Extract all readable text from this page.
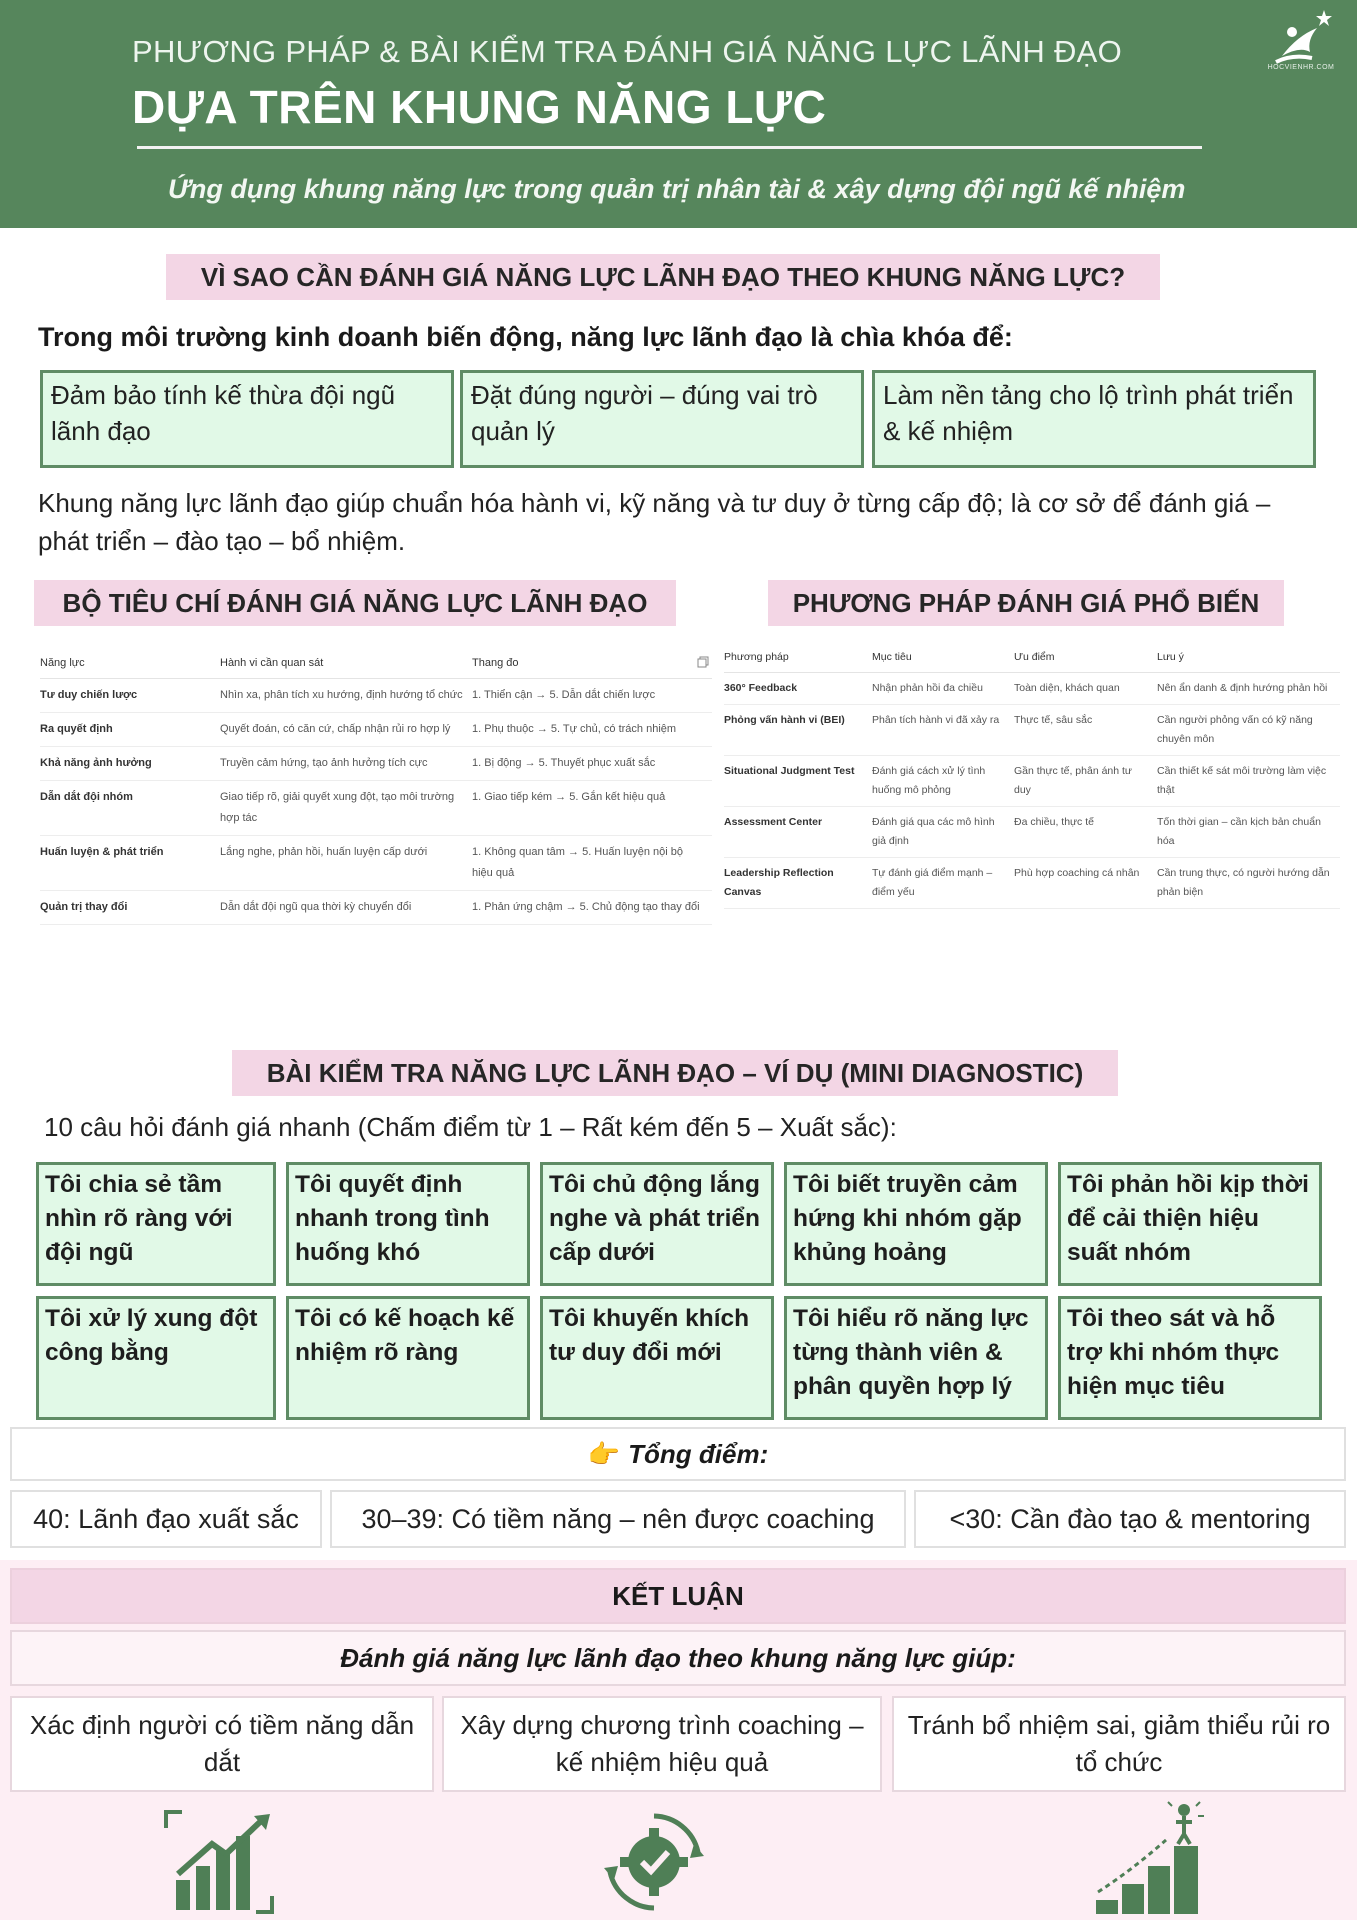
PHƯƠNG PHÁP & BÀI KIỂM TRA ĐÁNH GIÁ NĂNG LỰC LÃNH ĐẠO
DỰA TRÊN KHUNG NĂNG LỰC
Ứng dụng khung năng lực trong quản trị nhân tài & xây dựng đội ngũ kế nhiệm
HOCVIENHR.COM
VÌ SAO CẦN ĐÁNH GIÁ NĂNG LỰC LÃNH ĐẠO THEO KHUNG NĂNG LỰC?
Trong môi trường kinh doanh biến động, năng lực lãnh đạo là chìa khóa để:
Đảm bảo tính kế thừa đội ngũ lãnh đạo
Đặt đúng người – đúng vai trò quản lý
Làm nền tảng cho lộ trình phát triển & kế nhiệm
Khung năng lực lãnh đạo giúp chuẩn hóa hành vi, kỹ năng và tư duy ở từng cấp độ; là cơ sở để đánh giá – phát triển – đào tạo – bổ nhiệm.
BỘ TIÊU CHÍ ĐÁNH GIÁ NĂNG LỰC LÃNH ĐẠO	PHƯƠNG PHÁP ĐÁNH GIÁ PHỔ BIẾN
Năng lực	Hành vi cần quan sát	Thang đo
Tư duy chiến lược	Nhìn xa, phân tích xu hướng, định hướng tổ chức	1. Thiển cận → 5. Dẫn dắt chiến lược
Ra quyết định	Quyết đoán, có căn cứ, chấp nhận rủi ro hợp lý	1. Phụ thuộc → 5. Tự chủ, có trách nhiệm
Khả năng ảnh hưởng	Truyền cảm hứng, tạo ảnh hưởng tích cực	1. Bị động → 5. Thuyết phục xuất sắc
Dẫn dắt đội nhóm	Giao tiếp rõ, giải quyết xung đột, tạo môi trường hợp tác	1. Giao tiếp kém → 5. Gắn kết hiệu quả
Huấn luyện & phát triển	Lắng nghe, phản hồi, huấn luyện cấp dưới	1. Không quan tâm → 5. Huấn luyện nội bộ hiệu quả
Quản trị thay đổi	Dẫn dắt đội ngũ qua thời kỳ chuyển đổi	1. Phản ứng chậm → 5. Chủ động tạo thay đổi
Phương pháp	Mục tiêu	Ưu điểm	Lưu ý
360° Feedback	Nhận phản hồi đa chiều	Toàn diện, khách quan	Nên ẩn danh & định hướng phản hồi
Phỏng vấn hành vi (BEI)	Phân tích hành vi đã xảy ra	Thực tế, sâu sắc	Cần người phỏng vấn có kỹ năng chuyên môn
Situational Judgment Test	Đánh giá cách xử lý tình huống mô phỏng	Gần thực tế, phân ánh tư duy	Cần thiết kế sát môi trường làm việc thật
Assessment Center	Đánh giá qua các mô hình giả định	Đa chiều, thực tế	Tốn thời gian – cần kịch bản chuẩn hóa
Leadership Reflection Canvas	Tự đánh giá điểm mạnh – điểm yếu	Phù hợp coaching cá nhân	Cần trung thực, có người hướng dẫn phản biện
BÀI KIỂM TRA NĂNG LỰC LÃNH ĐẠO – VÍ DỤ (MINI DIAGNOSTIC)
10 câu hỏi đánh giá nhanh (Chấm điểm từ 1 – Rất kém đến 5 – Xuất sắc):
Tôi chia sẻ tầm nhìn rõ ràng với đội ngũ
Tôi quyết định nhanh trong tình huống khó
Tôi chủ động lắng nghe và phát triển cấp dưới
Tôi biết truyền cảm hứng khi nhóm gặp khủng hoảng
Tôi phản hồi kịp thời để cải thiện hiệu suất nhóm
Tôi xử lý xung đột công bằng
Tôi có kế hoạch kế nhiệm rõ ràng
Tôi khuyến khích tư duy đổi mới
Tôi hiểu rõ năng lực từng thành viên & phân quyền hợp lý
Tôi theo sát và hỗ trợ khi nhóm thực hiện mục tiêu
👉 Tổng điểm:
40: Lãnh đạo xuất sắc	30–39: Có tiềm năng – nên được coaching	<30: Cần đào tạo & mentoring
KẾT LUẬN
Đánh giá năng lực lãnh đạo theo khung năng lực giúp:
Xác định người có tiềm năng dẫn dắt
Xây dựng chương trình coaching – kế nhiệm hiệu quả
Tránh bổ nhiệm sai, giảm thiểu rủi ro tổ chức
